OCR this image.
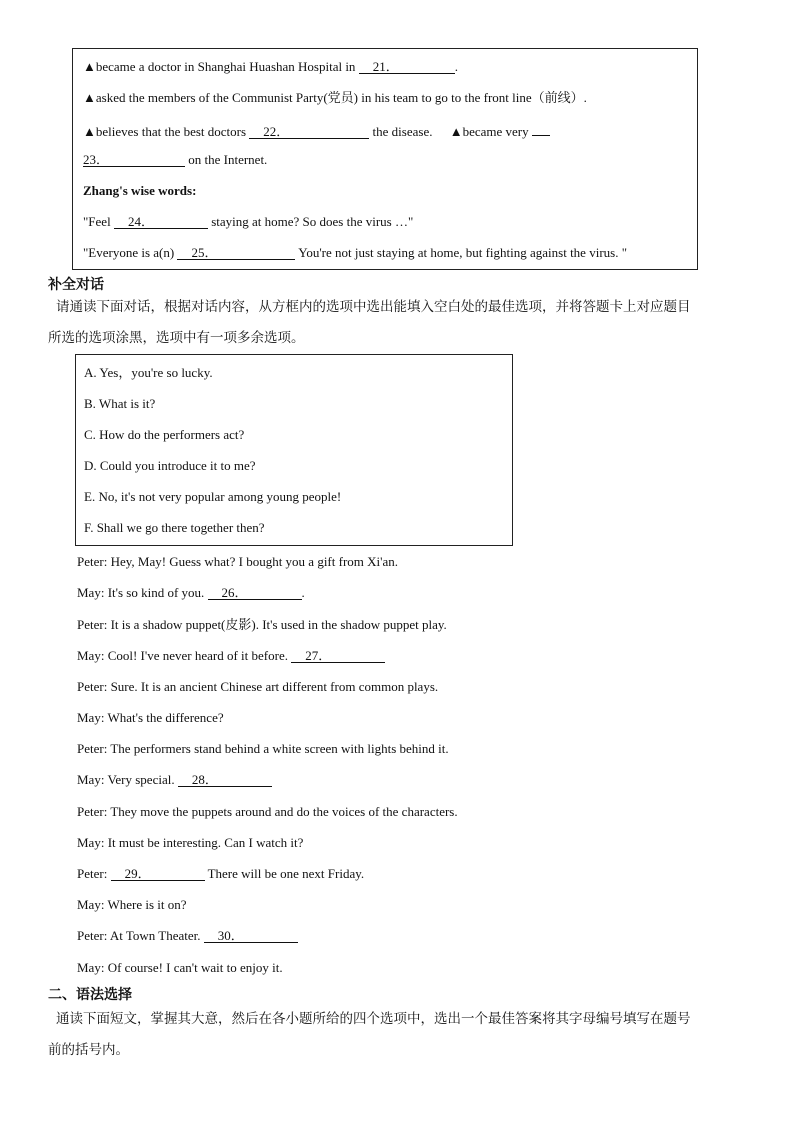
▲became a doctor in Shanghai Huashan Hospital in 21．	.
▲asked the members of the Communist Party(党员) in his team to go to the front line（前线）.
▲believes that the best doctors 22．	the disease. ▲became very
23．	on the Internet.
Zhang's wise words:
"Feel 24．	staying at home? So does the virus …"
"Everyone is a(n) 25．	You're not just staying at home, but fighting against the virus. "
补全对话
请通读下面对话，根据对话内容，从方框内的选项中选出能填入空白处的最佳选项，并将答题卡上对应题目
所选的选项涂黑，选项中有一项多余选项。
A. Yes，you're so lucky.
B. What is it?
C. How do the performers act?
D. Could you introduce it to me?
E. No, it's not very popular among young people!
F. Shall we go there together then?
Peter: Hey, May! Guess what? I bought you a gift from Xi'an.
May: It's so kind of you. 26．	.
Peter: It is a shadow puppet(皮影). It's used in the shadow puppet play.
May: Cool! I've never heard of it before. 27．
Peter: Sure. It is an ancient Chinese art different from common plays.
May: What's the difference?
Peter: The performers stand behind a white screen with lights behind it.
May: Very special. 28．
Peter: They move the puppets around and do the voices of the characters.
May: It must be interesting. Can I watch it?
Peter: 29．	There will be one next Friday.
May: Where is it on?
Peter: At Town Theater. 30．
May: Of course! I can't wait to enjoy it.
二、语法选择
通读下面短文，掌握其大意，然后在各小题所给的四个选项中，选出一个最佳答案将其字母编号填写在题号
前的括号内。
